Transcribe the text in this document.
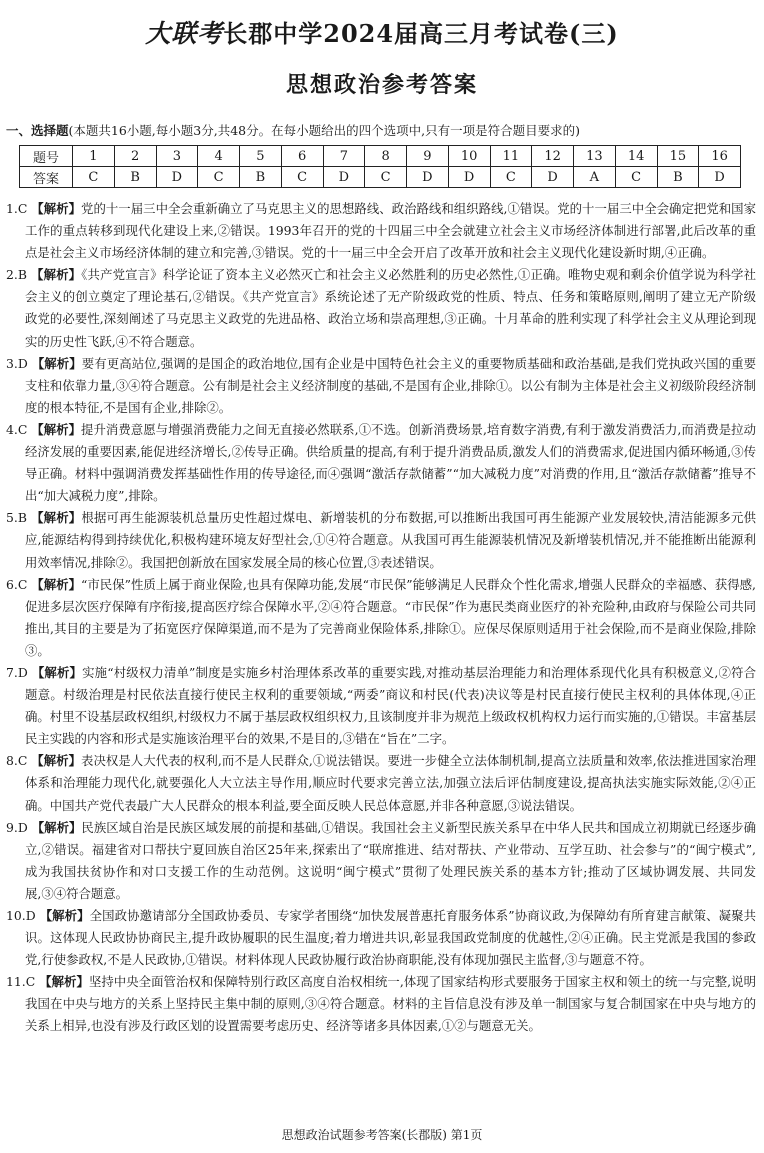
大联考长郡中学2024届高三月考试卷(三)
思想政治参考答案
一、选择题(本题共16小题,每小题3分,共48分。在每小题给出的四个选项中,只有一项是符合题目要求的)
题号	1	2	3	4	5	6	7	8	9	10	11	12	13	14	15	16
答案	C	B	D	C	B	C	D	C	D	D	C	D	A	C	B	D

1.C 【解析】党的十一届三中全会重新确立了马克思主义的思想路线、政治路线和组织路线,①错误。党的十一届三中全会确定把党和国家工作的重点转移到现代化建设上来,②错误。1993年召开的党的十四届三中全会就建立社会主义市场经济体制进行部署,此后改革的重点是社会主义市场经济体制的建立和完善,③错误。党的十一届三中全会开启了改革开放和社会主义现代化建设新时期,④正确。

2.B 【解析】《共产党宣言》科学论证了资本主义必然灭亡和社会主义必然胜利的历史必然性,①正确。唯物史观和剩余价值学说为科学社会主义的创立奠定了理论基石,②错误。《共产党宣言》系统论述了无产阶级政党的性质、特点、任务和策略原则,阐明了建立无产阶级政党的必要性,深刻阐述了马克思主义政党的先进品格、政治立场和崇高理想,③正确。十月革命的胜利实现了科学社会主义从理论到现实的历史性飞跃,④不符合题意。

3.D 【解析】要有更高站位,强调的是国企的政治地位,国有企业是中国特色社会主义的重要物质基础和政治基础,是我们党执政兴国的重要支柱和依靠力量,③④符合题意。公有制是社会主义经济制度的基础,不是国有企业,排除①。以公有制为主体是社会主义初级阶段经济制度的根本特征,不是国有企业,排除②。

4.C 【解析】提升消费意愿与增强消费能力之间无直接必然联系,①不选。创新消费场景,培育数字消费,有利于激发消费活力,而消费是拉动经济发展的重要因素,能促进经济增长,②传导正确。供给质量的提高,有利于提升消费品质,激发人们的消费需求,促进国内循环畅通,③传导正确。材料中强调消费发挥基础性作用的传导途径,而④强调“激活存款储蓄”“加大减税力度”对消费的作用,且“激活存款储蓄”推导不出“加大减税力度”,排除。

5.B 【解析】根据可再生能源装机总量历史性超过煤电、新增装机的分布数据,可以推断出我国可再生能源产业发展较快,清洁能源多元供应,能源结构得到持续优化,积极构建环境友好型社会,①④符合题意。从我国可再生能源装机情况及新增装机情况,并不能推断出能源利用效率情况,排除②。我国把创新放在国家发展全局的核心位置,③表述错误。

6.C 【解析】“市民保”性质上属于商业保险,也具有保障功能,发展“市民保”能够满足人民群众个性化需求,增强人民群众的幸福感、获得感,促进多层次医疗保障有序衔接,提高医疗综合保障水平,②④符合题意。“市民保”作为惠民类商业医疗的补充险种,由政府与保险公司共同推出,其目的主要是为了拓宽医疗保障渠道,而不是为了完善商业保险体系,排除①。应保尽保原则适用于社会保险,而不是商业保险,排除③。

7.D 【解析】实施“村级权力清单”制度是实施乡村治理体系改革的重要实践,对推动基层治理能力和治理体系现代化具有积极意义,②符合题意。村级治理是村民依法直接行使民主权利的重要领域,“两委”商议和村民(代表)决议等是村民直接行使民主权利的具体体现,④正确。村里不设基层政权组织,村级权力不属于基层政权组织权力,且该制度并非为规范上级政权机构权力运行而实施的,①错误。丰富基层民主实践的内容和形式是实施该治理平台的效果,不是目的,③错在“旨在”二字。

8.C 【解析】表决权是人大代表的权利,而不是人民群众,①说法错误。要进一步健全立法体制机制,提高立法质量和效率,依法推进国家治理体系和治理能力现代化,就要强化人大立法主导作用,顺应时代要求完善立法,加强立法后评估制度建设,提高执法实施实际效能,②④正确。中国共产党代表最广大人民群众的根本利益,要全面反映人民总体意愿,并非各种意愿,③说法错误。

9.D 【解析】民族区域自治是民族区域发展的前提和基础,①错误。我国社会主义新型民族关系早在中华人民共和国成立初期就已经逐步确立,②错误。福建省对口帮扶宁夏回族自治区25年来,探索出了“联席推进、结对帮扶、产业带动、互学互助、社会参与”的“闽宁模式”,成为我国扶贫协作和对口支援工作的生动范例。这说明“闽宁模式”贯彻了处理民族关系的基本方针;推动了区域协调发展、共同发展,③④符合题意。

10.D 【解析】全国政协邀请部分全国政协委员、专家学者围绕“加快发展普惠托育服务体系”协商议政,为保障幼有所育建言献策、凝聚共识。这体现人民政协协商民主,提升政协履职的民生温度;着力增进共识,彰显我国政党制度的优越性,②④正确。民主党派是我国的参政党,行使参政权,不是人民政协,①错误。材料体现人民政协履行政治协商职能,没有体现加强民主监督,③与题意不符。

11.C 【解析】坚持中央全面管治权和保障特别行政区高度自治权相统一,体现了国家结构形式要服务于国家主权和领土的统一与完整,说明我国在中央与地方的关系上坚持民主集中制的原则,③④符合题意。材料的主旨信息没有涉及单一制国家与复合制国家在中央与地方的关系上相异,也没有涉及行政区划的设置需要考虑历史、经济等诸多具体因素,①②与题意无关。

思想政治试题参考答案(长郡版) 第1页
